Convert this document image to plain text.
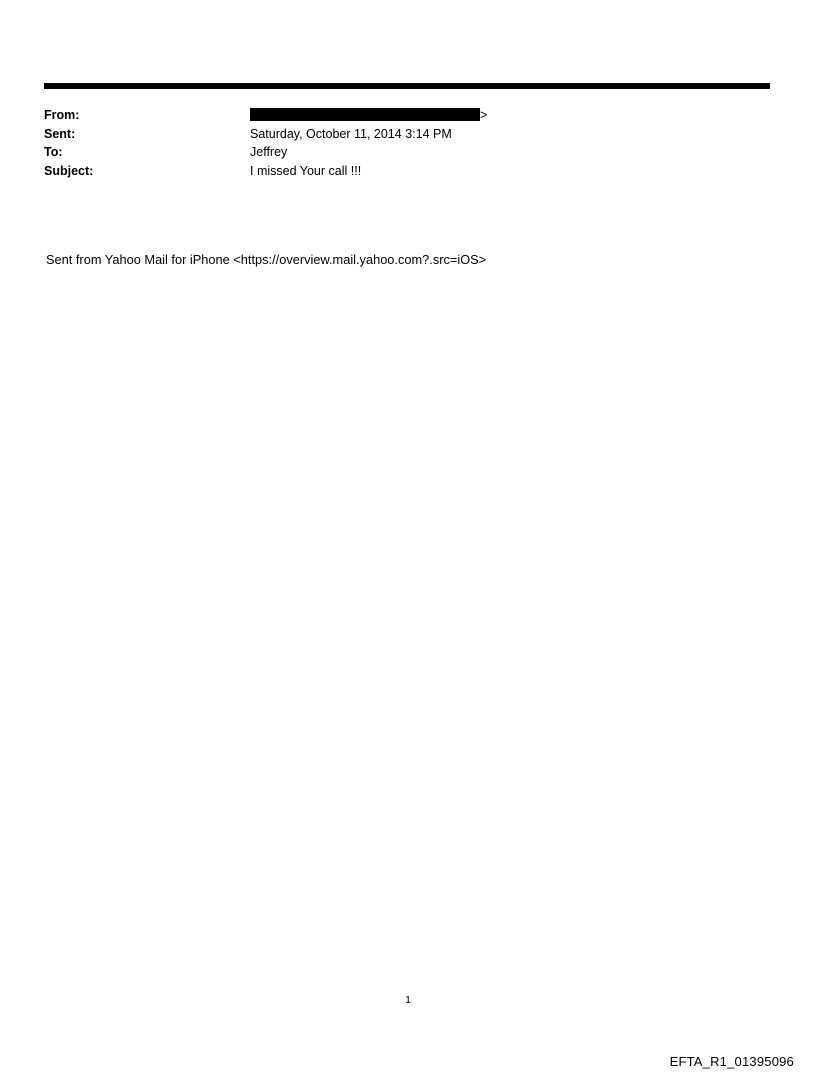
From:	>
Sent:	Saturday, October 11, 2014 3:14 PM
To:	Jeffrey
Subject:	I missed Your call !!!
Sent from Yahoo Mail for iPhone <https://overview.mail.yahoo.com?.src=iOS>
1
EFTA_R1_01395096
